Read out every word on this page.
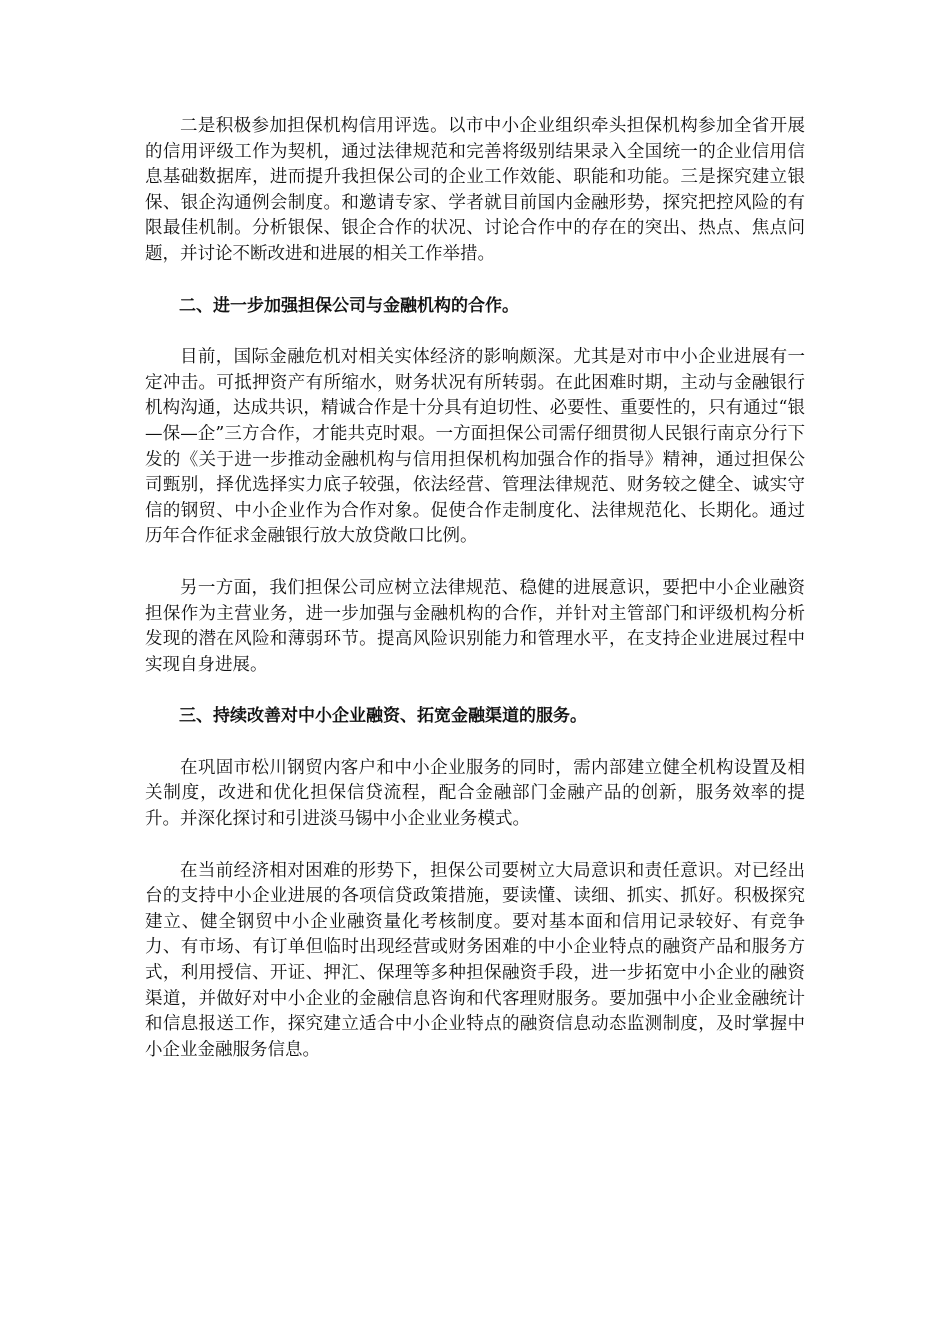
二是积极参加担保机构信用评选。以市中小企业组织牵头担保机构参加全省开展的信用评级工作为契机，通过法律规范和完善将级别结果录入全国统一的企业信用信息基础数据库，进而提升我担保公司的企业工作效能、职能和功能。三是探究建立银保、银企沟通例会制度。和邀请专家、学者就目前国内金融形势，探究把控风险的有限最佳机制。分析银保、银企合作的状况、讨论合作中的存在的突出、热点、焦点问题，并讨论不断改进和进展的相关工作举措。

二、进一步加强担保公司与金融机构的合作。

目前，国际金融危机对相关实体经济的影响颇深。尤其是对市中小企业进展有一定冲击。可抵押资产有所缩水，财务状况有所转弱。在此困难时期，主动与金融银行机构沟通，达成共识，精诚合作是十分具有迫切性、必要性、重要性的，只有通过“银—保—企”三方合作，才能共克时艰。一方面担保公司需仔细贯彻人民银行南京分行下发的《关于进一步推动金融机构与信用担保机构加强合作的指导》精神，通过担保公司甄别，择优选择实力底子较强，依法经营、管理法律规范、财务较之健全、诚实守信的钢贸、中小企业作为合作对象。促使合作走制度化、法律规范化、长期化。通过历年合作征求金融银行放大放贷敞口比例。

另一方面，我们担保公司应树立法律规范、稳健的进展意识，要把中小企业融资担保作为主营业务，进一步加强与金融机构的合作，并针对主管部门和评级机构分析发现的潜在风险和薄弱环节。提高风险识别能力和管理水平，在支持企业进展过程中实现自身进展。

三、持续改善对中小企业融资、拓宽金融渠道的服务。

在巩固市松川钢贸内客户和中小企业服务的同时，需内部建立健全机构设置及相关制度，改进和优化担保信贷流程，配合金融部门金融产品的创新，服务效率的提升。并深化探讨和引进淡马锡中小企业业务模式。

在当前经济相对困难的形势下，担保公司要树立大局意识和责任意识。对已经出台的支持中小企业进展的各项信贷政策措施，要读懂、读细、抓实、抓好。积极探究建立、健全钢贸中小企业融资量化考核制度。要对基本面和信用记录较好、有竞争力、有市场、有订单但临时出现经营或财务困难的中小企业特点的融资产品和服务方式，利用授信、开证、押汇、保理等多种担保融资手段，进一步拓宽中小企业的融资渠道，并做好对中小企业的金融信息咨询和代客理财服务。要加强中小企业金融统计和信息报送工作，探究建立适合中小企业特点的融资信息动态监测制度，及时掌握中小企业金融服务信息。
